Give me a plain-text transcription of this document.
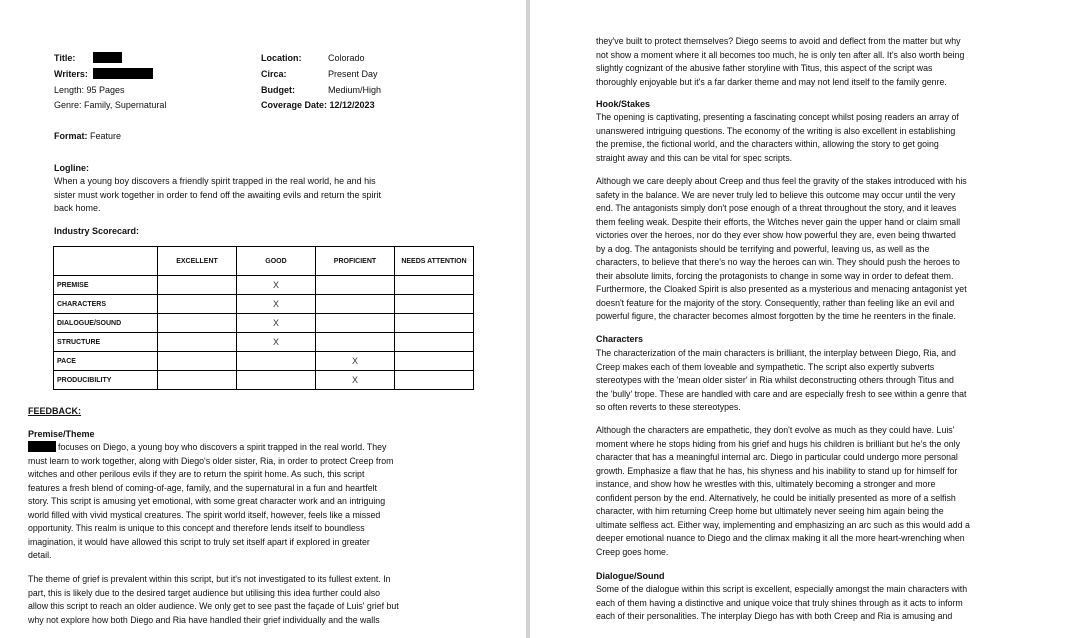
Title:
Writers:
Length: 95 Pages
Genre: Family, Supernatural
Location:	Colorado
Circa:	Present Day
Budget:	Medium/High
Coverage Date: 12/12/2023
Format: Feature
Logline:
When a young boy discovers a friendly spirit trapped in the real world, he and his
sister must work together in order to fend off the awaiting evils and return the spirit
back home.
Industry Scorecard:
	EXCELLENT	GOOD	PROFICIENT	NEEDS ATTENTION
PREMISE		X		
CHARACTERS		X		
DIALOGUE/SOUND		X		
STRUCTURE		X		
PACE			X	
PRODUCIBILITY			X	
FEEDBACK:
Premise/Theme
focuses on Diego, a young boy who discovers a spirit trapped in the real world. They
must learn to work together, along with Diego's older sister, Ria, in order to protect Creep from
witches and other perilous evils if they are to return the spirit home. As such, this script
features a fresh blend of coming-of-age, family, and the supernatural in a fun and heartfelt
story. This script is amusing yet emotional, with some great character work and an intriguing
world filled with vivid mystical creatures. The spirit world itself, however, feels like a missed
opportunity. This realm is unique to this concept and therefore lends itself to boundless
imagination, it would have allowed this script to truly set itself apart if explored in greater
detail.
The theme of grief is prevalent within this script, but it's not investigated to its fullest extent. In
part, this is likely due to the desired target audience but utilising this idea further could also
allow this script to reach an older audience. We only get to see past the façade of Luis' grief but
why not explore how both Diego and Ria have handled their grief individually and the walls
they've built to protect themselves? Diego seems to avoid and deflect from the matter but why
not show a moment where it all becomes too much, he is only ten after all. It's also worth being
slightly cognizant of the abusive father storyline with Titus, this aspect of the script was
thoroughly enjoyable but it's a far darker theme and may not lend itself to the family genre.
Hook/Stakes
The opening is captivating, presenting a fascinating concept whilst posing readers an array of
unanswered intriguing questions. The economy of the writing is also excellent in establishing
the premise, the fictional world, and the characters within, allowing the story to get going
straight away and this can be vital for spec scripts.
Although we care deeply about Creep and thus feel the gravity of the stakes introduced with his
safety in the balance. We are never truly led to believe this outcome may occur until the very
end. The antagonists simply don't pose enough of a threat throughout the story, and it leaves
them feeling weak. Despite their efforts, the Witches never gain the upper hand or claim small
victories over the heroes, nor do they ever show how powerful they are, even being thwarted
by a dog. The antagonists should be terrifying and powerful, leaving us, as well as the
characters, to believe that there's no way the heroes can win. They should push the heroes to
their absolute limits, forcing the protagonists to change in some way in order to defeat them.
Furthermore, the Cloaked Spirit is also presented as a mysterious and menacing antagonist yet
doesn't feature for the majority of the story. Consequently, rather than feeling like an evil and
powerful figure, the character becomes almost forgotten by the time he reenters in the finale.
Characters
The characterization of the main characters is brilliant, the interplay between Diego, Ria, and
Creep makes each of them loveable and sympathetic. The script also expertly subverts
stereotypes with the 'mean older sister' in Ria whilst deconstructing others through Titus and
the 'bully' trope. These are handled with care and are especially fresh to see within a genre that
so often reverts to these stereotypes.
Although the characters are empathetic, they don't evolve as much as they could have. Luis'
moment where he stops hiding from his grief and hugs his children is brilliant but he's the only
character that has a meaningful internal arc. Diego in particular could undergo more personal
growth. Emphasize a flaw that he has, his shyness and his inability to stand up for himself for
instance, and show how he wrestles with this, ultimately becoming a stronger and more
confident person by the end. Alternatively, he could be initially presented as more of a selfish
character, with him returning Creep home but ultimately never seeing him again being the
ultimate selfless act. Either way, implementing and emphasizing an arc such as this would add a
deeper emotional nuance to Diego and the climax making it all the more heart-wrenching when
Creep goes home.
Dialogue/Sound
Some of the dialogue within this script is excellent, especially amongst the main characters with
each of them having a distinctive and unique voice that truly shines through as it acts to inform
each of their personalities. The interplay Diego has with both Creep and Ria is amusing and
